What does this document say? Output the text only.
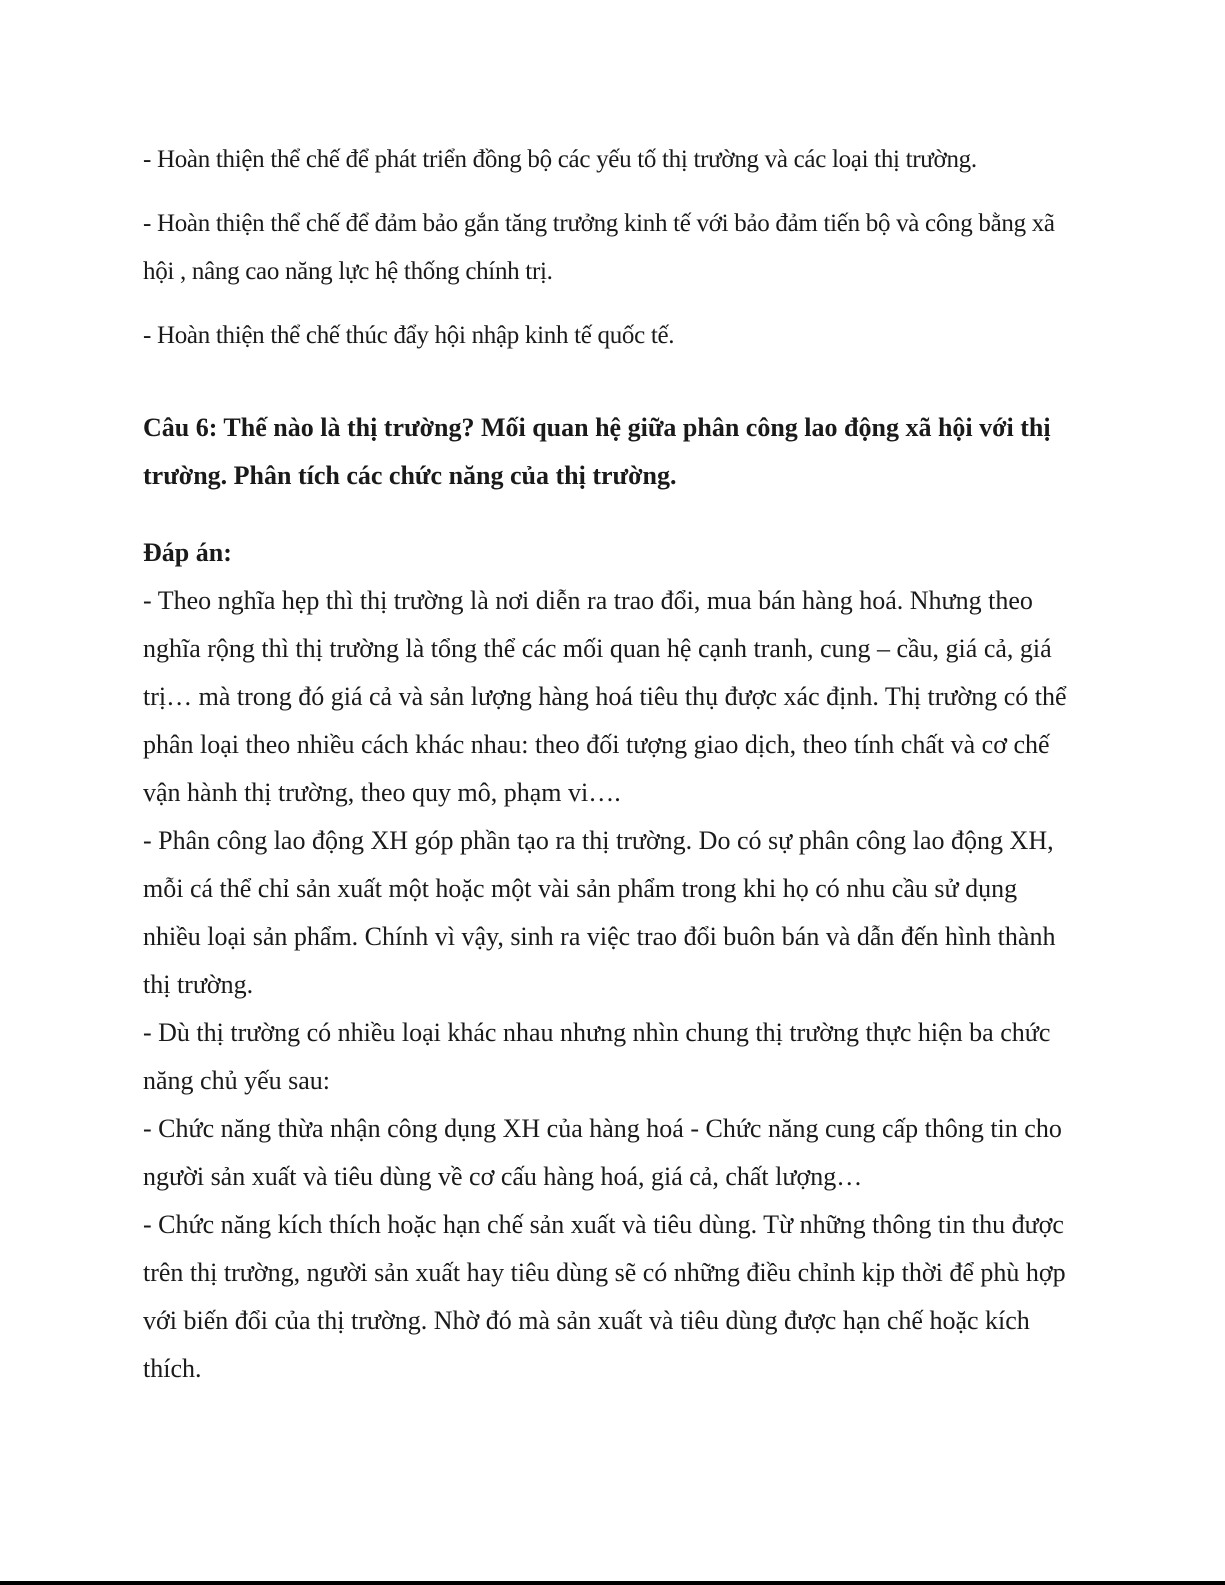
- Hoàn thiện thể chế để phát triển đồng bộ các yếu tố thị trường và các loại thị trường.

- Hoàn thiện thể chế để đảm bảo gắn tăng trưởng kinh tế với bảo đảm tiến bộ và công bằng xã hội , nâng cao năng lực hệ thống chính trị.

- Hoàn thiện thể chế thúc đẩy hội nhập kinh tế quốc tế.

Câu 6: Thế nào là thị trường? Mối quan hệ giữa phân công lao động xã hội với thị trường. Phân tích các chức năng của thị trường.
Đáp án:

- Theo nghĩa hẹp thì thị trường là nơi diễn ra trao đổi, mua bán hàng hoá. Nhưng theo nghĩa rộng thì thị trường là tổng thể các mối quan hệ cạnh tranh, cung – cầu, giá cả, giá trị… mà trong đó giá cả và sản lượng hàng hoá tiêu thụ được xác định. Thị trường có thể phân loại theo nhiều cách khác nhau: theo đối tượng giao dịch, theo tính chất và cơ chế vận hành thị trường, theo quy mô, phạm vi….

- Phân công lao động XH góp phần tạo ra thị trường. Do có sự phân công lao động XH, mỗi cá thể chỉ sản xuất một hoặc một vài sản phẩm trong khi họ có nhu cầu sử dụng nhiều loại sản phẩm. Chính vì vậy, sinh ra việc trao đổi buôn bán và dẫn đến hình thành thị trường.

- Dù thị trường có nhiều loại khác nhau nhưng nhìn chung thị trường thực hiện ba chức năng chủ yếu sau:

- Chức năng thừa nhận công dụng XH của hàng hoá - Chức năng cung cấp thông tin cho người sản xuất và tiêu dùng về cơ cấu hàng hoá, giá cả, chất lượng…

- Chức năng kích thích hoặc hạn chế sản xuất và tiêu dùng. Từ những thông tin thu được trên thị trường, người sản xuất hay tiêu dùng sẽ có những điều chỉnh kịp thời để phù hợp với biến đổi của thị trường. Nhờ đó mà sản xuất và tiêu dùng được hạn chế hoặc kích thích.
